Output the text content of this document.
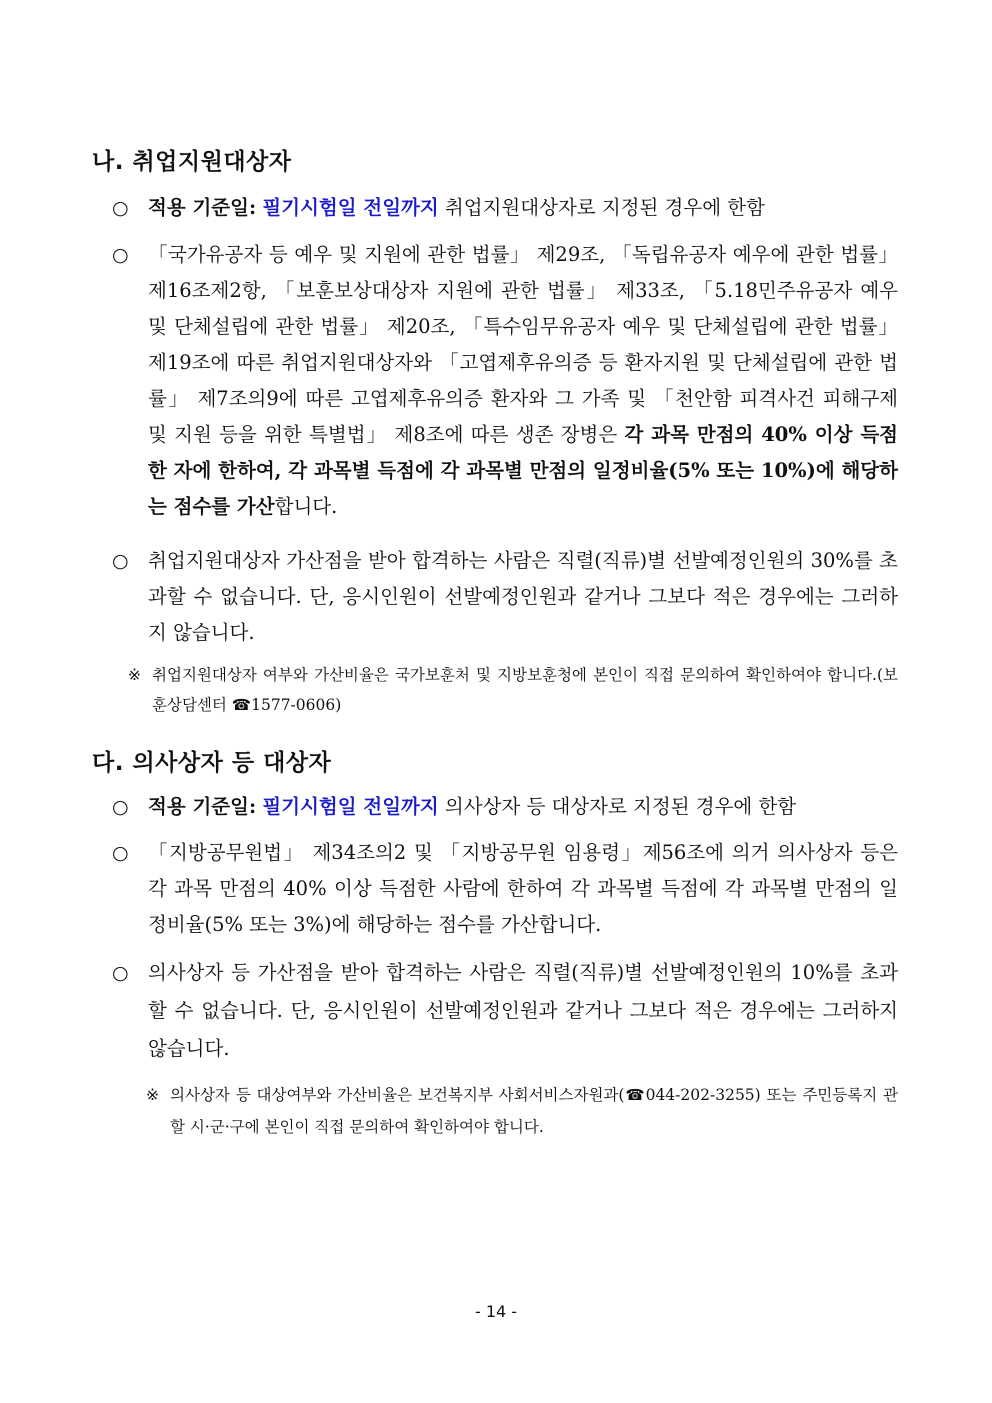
나. 취업지원대상자
○ 적용 기준일: 필기시험일 전일까지 취업지원대상자로 지정된 경우에 한함
○ 「국가유공자 등 예우 및 지원에 관한 법률」 제29조, 「독립유공자 예우에 관한 법률」 제16조제2항, 「보훈보상대상자 지원에 관한 법률」 제33조, 「5.18민주유공자 예우 및 단체설립에 관한 법률」 제20조, 「특수임무유공자 예우 및 단체설립에 관한 법률」 제19조에 따른 취업지원대상자와 「고엽제후유의증 등 환자지원 및 단체설립에 관한 법률」 제7조의9에 따른 고엽제후유의증 환자와 그 가족 및 「천안함 피격사건 피해구제 및 지원 등을 위한 특별법」 제8조에 따른 생존 장병은 각 과목 만점의 40% 이상 득점한 자에 한하여, 각 과목별 득점에 각 과목별 만점의 일정비율(5% 또는 10%)에 해당하는 점수를 가산합니다.
○ 취업지원대상자 가산점을 받아 합격하는 사람은 직렬(직류)별 선발예정인원의 30%를 초과할 수 없습니다. 단, 응시인원이 선발예정인원과 같거나 그보다 적은 경우에는 그러하지 않습니다.
※ 취업지원대상자 여부와 가산비율은 국가보훈처 및 지방보훈청에 본인이 직접 문의하여 확인하여야 합니다.(보훈상담센터 ☎1577-0606)
다. 의사상자 등 대상자
○ 적용 기준일: 필기시험일 전일까지 의사상자 등 대상자로 지정된 경우에 한함
○ 「지방공무원법」 제34조의2 및 「지방공무원 임용령」제56조에 의거 의사상자 등은 각 과목 만점의 40% 이상 득점한 사람에 한하여 각 과목별 득점에 각 과목별 만점의 일정비율(5% 또는 3%)에 해당하는 점수를 가산합니다.
○ 의사상자 등 가산점을 받아 합격하는 사람은 직렬(직류)별 선발예정인원의 10%를 초과할 수 없습니다. 단, 응시인원이 선발예정인원과 같거나 그보다 적은 경우에는 그러하지 않습니다.
※ 의사상자 등 대상여부와 가산비율은 보건복지부 사회서비스자원과(☎044-202-3255) 또는 주민등록지 관할 시·군·구에 본인이 직접 문의하여 확인하여야 합니다.
- 14 -
